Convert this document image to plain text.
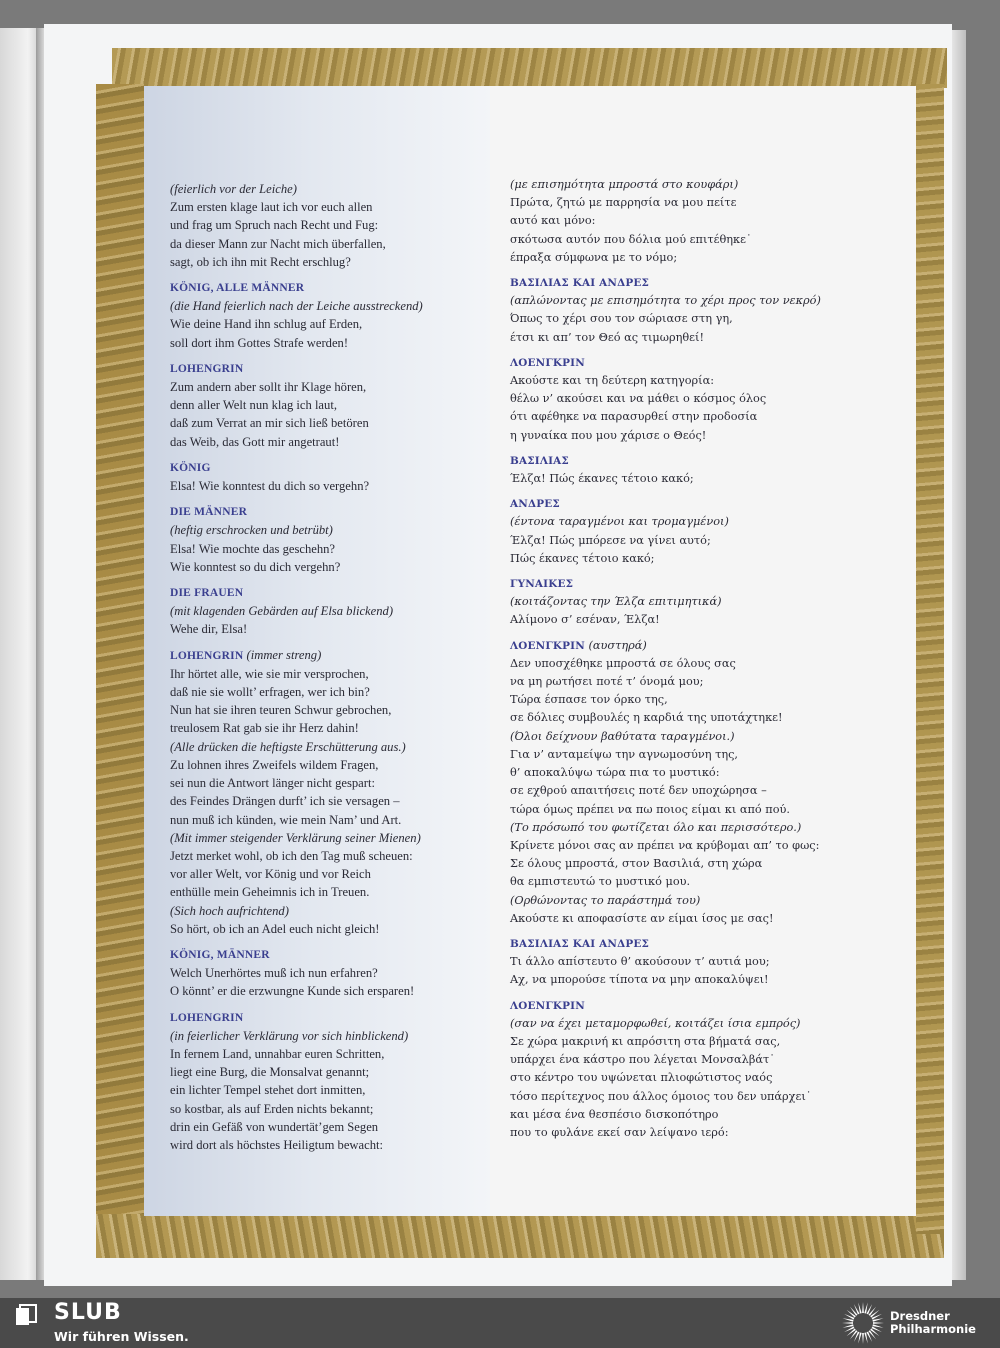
(feierlich vor der Leiche)
Zum ersten klage laut ich vor euch allen
und frag um Spruch nach Recht und Fug:
da dieser Mann zur Nacht mich überfallen,
sagt, ob ich ihn mit Recht erschlug?
KÖNIG, ALLE MÄNNER
(die Hand feierlich nach der Leiche ausstreckend)
Wie deine Hand ihn schlug auf Erden,
soll dort ihm Gottes Strafe werden!
LOHENGRIN
Zum andern aber sollt ihr Klage hören,
denn aller Welt nun klag ich laut,
daß zum Verrat an mir sich ließ betören
das Weib, das Gott mir angetraut!
KÖNIG
Elsa! Wie konntest du dich so vergehn?
DIE MÄNNER
(heftig erschrocken und betrübt)
Elsa! Wie mochte das geschehn?
Wie konntest so du dich vergehn?
DIE FRAUEN
(mit klagenden Gebärden auf Elsa blickend)
Wehe dir, Elsa!
LOHENGRIN (immer streng)
Ihr hörtet alle, wie sie mir versprochen,
daß nie sie wollt’ erfragen, wer ich bin?
Nun hat sie ihren teuren Schwur gebrochen,
treulosem Rat gab sie ihr Herz dahin!
(Alle drücken die heftigste Erschütterung aus.)
Zu lohnen ihres Zweifels wildem Fragen,
sei nun die Antwort länger nicht gespart:
des Feindes Drängen durft’ ich sie versagen –
nun muß ich künden, wie mein Nam’ und Art.
(Mit immer steigender Verklärung seiner Mienen)
Jetzt merket wohl, ob ich den Tag muß scheuen:
vor aller Welt, vor König und vor Reich
enthülle mein Geheimnis ich in Treuen.
(Sich hoch aufrichtend)
So hört, ob ich an Adel euch nicht gleich!
KÖNIG, MÄNNER
Welch Unerhörtes muß ich nun erfahren?
O könnt’ er die erzwungne Kunde sich ersparen!
LOHENGRIN
(in feierlicher Verklärung vor sich hinblickend)
In fernem Land, unnahbar euren Schritten,
liegt eine Burg, die Monsalvat genannt;
ein lichter Tempel stehet dort inmitten,
so kostbar, als auf Erden nichts bekannt;
drin ein Gefäß von wundertät’gem Segen
wird dort als höchstes Heiligtum bewacht:
(με επισημότητα μπροστά στο κουφάρι)
Πρώτα, ζητώ με παρρησία να μου πείτε
αυτό και μόνο:
σκότωσα αυτόν που δόλια μού επιτέθηκε˙
έπραξα σύμφωνα με το νόμο;
ΒΑΣΙΛΙΑΣ ΚΑΙ ΑΝΔΡΕΣ
(απλώνοντας με επισημότητα το χέρι προς τον νεκρό)
Όπως το χέρι σου τον σώριασε στη γη,
έτσι κι απ’ τον Θεό ας τιμωρηθεί!
ΛΟΕΝΓΚΡΙΝ
Ακούστε και τη δεύτερη κατηγορία:
θέλω ν’ ακούσει και να μάθει ο κόσμος όλος
ότι αφέθηκε να παρασυρθεί στην προδοσία
η γυναίκα που μου χάρισε ο Θεός!
ΒΑΣΙΛΙΑΣ
Έλζα! Πώς έκανες τέτοιο κακό;
ΑΝΔΡΕΣ
(έντονα ταραγμένοι και τρομαγμένοι)
Έλζα! Πώς μπόρεσε να γίνει αυτό;
Πώς έκανες τέτοιο κακό;
ΓΥΝΑΙΚΕΣ
(κοιτάζοντας την Έλζα επιτιμητικά)
Αλίμονο σ’ εσέναν, Έλζα!
ΛΟΕΝΓΚΡΙΝ (αυστηρά)
Δεν υποσχέθηκε μπροστά σε όλους σας
να μη ρωτήσει ποτέ τ’ όνομά μου;
Τώρα έσπασε τον όρκο της,
σε δόλιες συμβουλές η καρδιά της υποτάχτηκε!
(Όλοι δείχνουν βαθύτατα ταραγμένοι.)
Για ν’ ανταμείψω την αγνωμοσύνη της,
θ’ αποκαλύψω τώρα πια το μυστικό:
σε εχθρού απαιτήσεις ποτέ δεν υποχώρησα –
τώρα όμως πρέπει να πω ποιος είμαι κι από πού.
(Το πρόσωπό του φωτίζεται όλο και περισσότερο.)
Κρίνετε μόνοι σας αν πρέπει να κρύβομαι απ’ το φως:
Σε όλους μπροστά, στον Βασιλιά, στη χώρα
θα εμπιστευτώ το μυστικό μου.
(Ορθώνοντας το παράστημά του)
Ακούστε κι αποφασίστε αν είμαι ίσος με σας!
ΒΑΣΙΛΙΑΣ ΚΑΙ ΑΝΔΡΕΣ
Τι άλλο απίστευτο θ’ ακούσουν τ’ αυτιά μου;
Αχ, να μπορούσε τίποτα να μην αποκαλύψει!
ΛΟΕΝΓΚΡΙΝ
(σαν να έχει μεταμορφωθεί, κοιτάζει ίσια εμπρός)
Σε χώρα μακρινή κι απρόσιτη στα βήματά σας,
υπάρχει ένα κάστρο που λέγεται Μονσαλβάτ˙
στο κέντρο του υψώνεται πλιοφώτιστος ναός
τόσο περίτεχνος που άλλος όμοιος του δεν υπάρχει˙
και μέσα ένα θεσπέσιο δισκοπότηρο
που το φυλάνε εκεί σαν λείψανο ιερό:
SLUB
Wir führen Wissen.
Dresdner
Philharmonie
